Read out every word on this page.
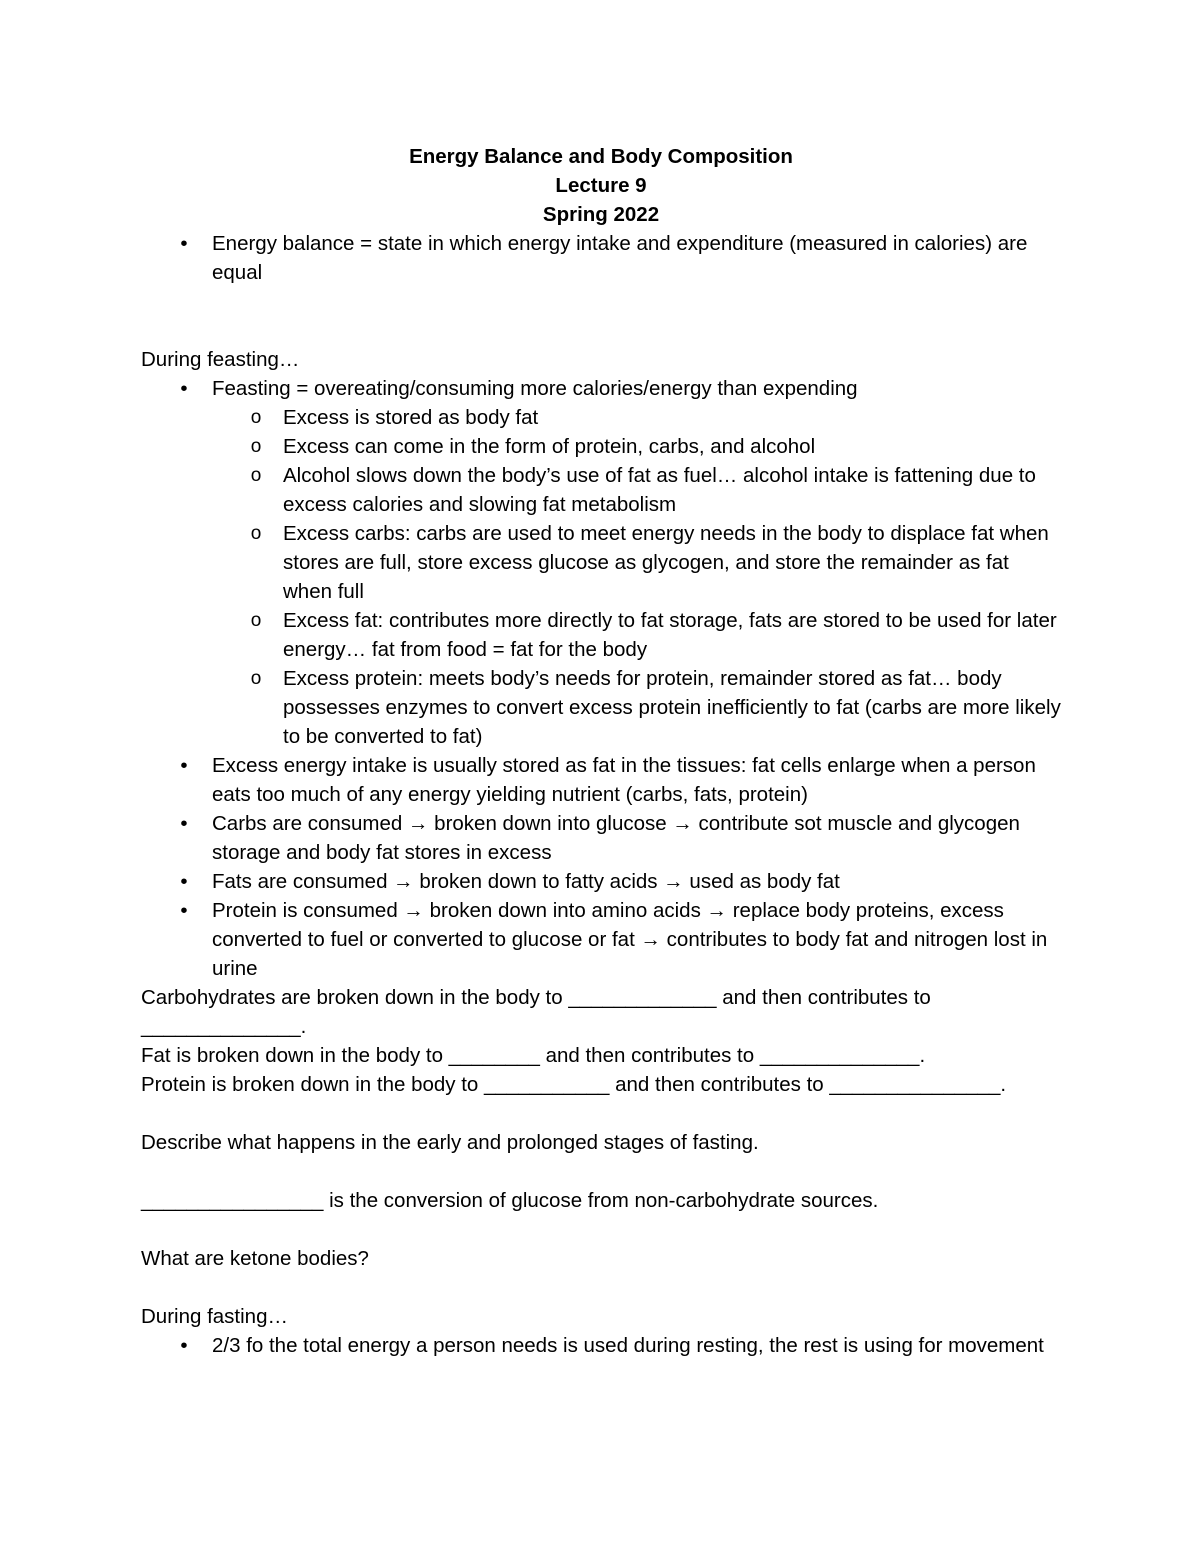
Energy Balance and Body Composition

Lecture 9

Spring 2022

•	Energy balance = state in which energy intake and expenditure (measured in calories) are equal

During feasting…

•	Feasting = overeating/consuming more calories/energy than expending
o Excess is stored as body fat
o Excess can come in the form of protein, carbs, and alcohol
o Alcohol slows down the body’s use of fat as fuel… alcohol intake is fattening due to excess calories and slowing fat metabolism
o Excess carbs: carbs are used to meet energy needs in the body to displace fat when stores are full, store excess glucose as glycogen, and store the remainder as fat when full
o Excess fat: contributes more directly to fat storage, fats are stored to be used for later energy… fat from food = fat for the body
o Excess protein: meets body’s needs for protein, remainder stored as fat… body possesses enzymes to convert excess protein inefficiently to fat (carbs are more likely to be converted to fat)
•	Excess energy intake is usually stored as fat in the tissues: fat cells enlarge when a person eats too much of any energy yielding nutrient (carbs, fats, protein)
•	Carbs are consumed → broken down into glucose → contribute sot muscle and glycogen storage and body fat stores in excess
•	Fats are consumed → broken down to fatty acids → used as body fat
•	Protein is consumed → broken down into amino acids → replace body proteins, excess converted to fuel or converted to glucose or fat → contributes to body fat and nitrogen lost in urine

Carbohydrates are broken down in the body to _____________ and then contributes to ______________.

Fat is broken down in the body to ________ and then contributes to ______________.

Protein is broken down in the body to ___________ and then contributes to _______________.

Describe what happens in the early and prolonged stages of fasting.

________________ is the conversion of glucose from non-carbohydrate sources.

What are ketone bodies?

During fasting…

•	2/3 fo the total energy a person needs is used during resting, the rest is using for movement
